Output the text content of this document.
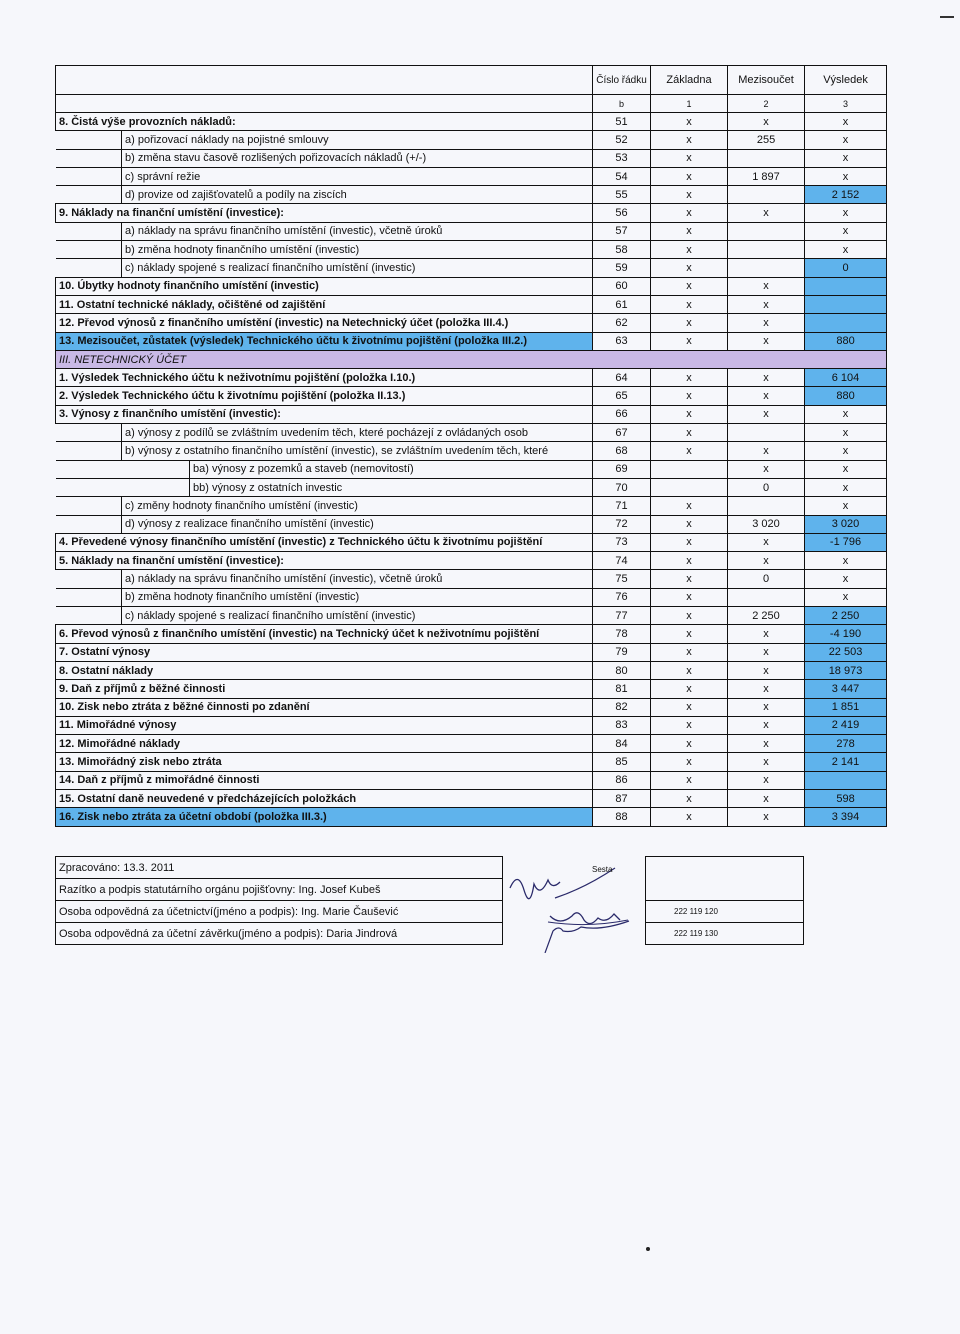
			Číslo řádku	Základna	Mezisoučet	Výsledek
			b	1	2	3
8. Čistá výše provozních nákladů:			51	x	x	x
	a) pořizovací náklady na pojistné smlouvy		52	x	255	x
	b) změna stavu časově rozlišených pořizovacích nákladů (+/-)		53	x		x
	c) správní režie		54	x	1 897	x
	d) provize od zajišťovatelů a podíly na ziscích		55	x		2 152
9. Náklady na finanční umístění (investice):			56	x	x	x
	a) náklady na správu finančního umístění (investic), včetně úroků		57	x		x
	b) změna hodnoty finančního umístění (investic)		58	x		x
	c) náklady spojené s realizací finančního umístění (investic)		59	x		0
10. Úbytky hodnoty finančního umístění (investic)			60	x	x	
11. Ostatní technické náklady, očištěné od zajištění			61	x	x	
12. Převod výnosů z finančního umístění (investic) na Netechnický účet (položka III.4.)			62	x	x	
13. Mezisoučet, zůstatek (výsledek) Technického účtu k životnímu pojištění (položka III.2.)			63	x	x	880
III. NETECHNICKÝ ÚČET						
1. Výsledek Technického účtu k neživotnímu pojištění (položka I.10.)			64	x	x	6 104
2. Výsledek Technického účtu k životnímu pojištění (položka II.13.)			65	x	x	880
3. Výnosy z finančního umístění (investic):			66	x	x	x
	a) výnosy z podílů se zvláštním uvedením těch, které pocházejí z ovládaných osob		67	x		x
	b) výnosy z ostatního finančního umístění (investic), se zvláštním uvedením těch, které		68	x	x	x
		ba) výnosy z pozemků a staveb (nemovitostí)	69		x	x
		bb) výnosy z ostatních investic	70		0	x
	c) změny hodnoty finančního umístění (investic)		71	x		x
	d) výnosy z realizace finančního umístění (investic)		72	x	3 020	3 020
4. Převedené výnosy finančního umístění (investic) z Technického účtu k životnímu pojištění			73	x	x	-1 796
5. Náklady na finanční umístění (investice):			74	x	x	x
	a) náklady na správu finančního umístění (investic), včetně úroků		75	x	0	x
	b) změna hodnoty finančního umístění (investic)		76	x		x
	c) náklady spojené s realizací finančního umístění (investic)		77	x	2 250	2 250
6. Převod výnosů z finančního umístění (investic) na Technický účet k neživotnímu pojištění			78	x	x	-4 190
7. Ostatní výnosy			79	x	x	22 503
8. Ostatní náklady			80	x	x	18 973
9. Daň z příjmů z běžné činnosti			81	x	x	3 447
10. Zisk nebo ztráta z běžné činnosti po zdanění			82	x	x	1 851
11. Mimořádné výnosy			83	x	x	2 419
12. Mimořádné náklady			84	x	x	278
13. Mimořádný zisk nebo ztráta			85	x	x	2 141
14. Daň z příjmů z mimořádné činnosti			86	x	x	
15. Ostatní daně neuvedené v předcházejících položkách			87	x	x	598
16. Zisk nebo ztráta za účetní období (položka III.3.)			88	x	x	3 394
Zpracováno: 13.3. 2011		
Razítko a podpis statutárního orgánu pojišťovny: Ing. Josef Kubeš		
Osoba odpovědná za účetnictví(jméno a podpis): Ing. Marie Čaušević		222 119 120
Osoba odpovědná za účetní závěrku(jméno a podpis): Daria Jindrová		222 119 130
Sesta
